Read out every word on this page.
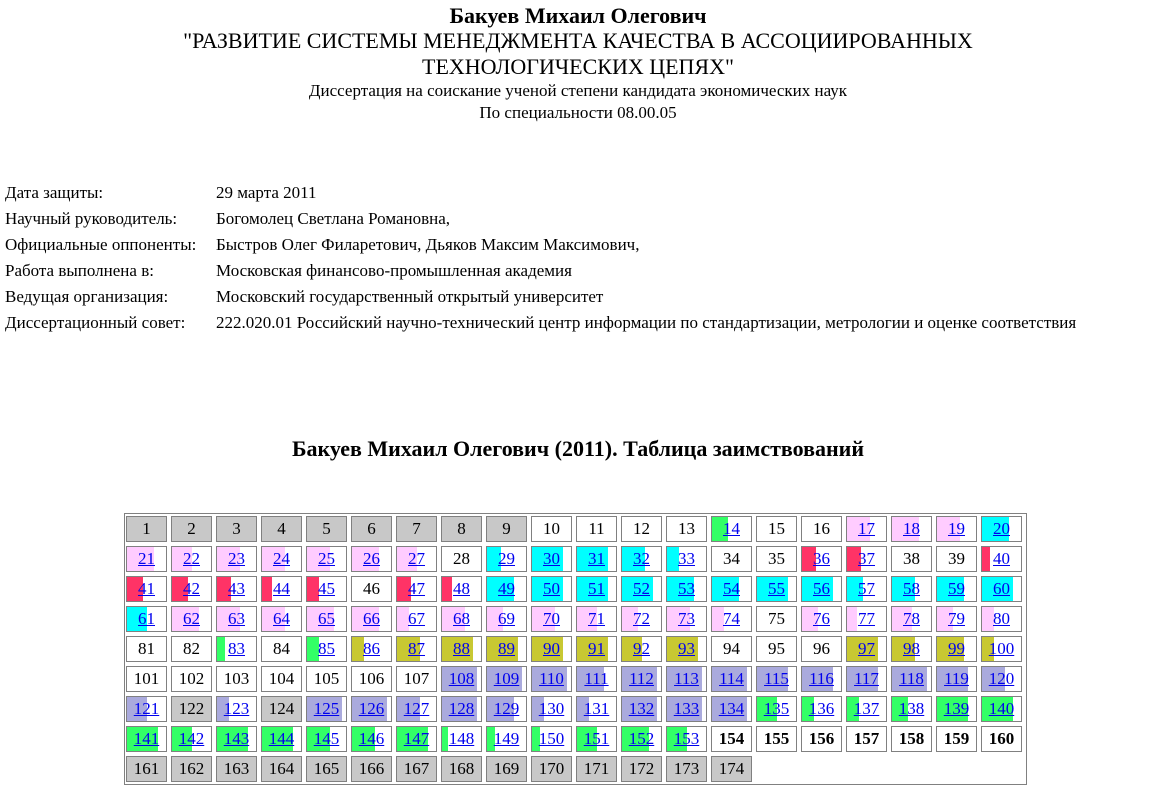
Бакуев Михаил Олегович
"РАЗВИТИЕ СИСТЕМЫ МЕНЕДЖМЕНТА КАЧЕСТВА В АССОЦИИРОВАННЫХ
ТЕХНОЛОГИЧЕСКИХ ЦЕПЯХ"
Диссертация на соискание ученой степени кандидата экономических наук
По специальности 08.00.05
Дата защиты:	29 марта 2011
Научный руководитель:	Богомолец Светлана Романовна,
Официальные оппоненты:	Быстров Олег Филаретович, Дьяков Максим Максимович,
Работа выполнена в:	Московская финансово-промышленная академия
Ведущая организация:	Московский государственный открытый университет
Диссертационный совет:	222.020.01 Российский научно-технический центр информации по стандартизации, метрологии и оценке соответствия
Бакуев Михаил Олегович (2011). Таблица заимствований
1	2	3	4	5	6	7	8	9	10	11	12	13	14	15	16	17	18	19	20
21	22	23	24	25	26	27	28	29	30	31	32	33	34	35	36	37	38	39	40
41	42	43	44	45	46	47	48	49	50	51	52	53	54	55	56	57	58	59	60
61	62	63	64	65	66	67	68	69	70	71	72	73	74	75	76	77	78	79	80
81	82	83	84	85	86	87	88	89	90	91	92	93	94	95	96	97	98	99	100
101	102	103	104	105	106	107	108	109	110	111	112	113	114	115	116	117	118	119	120
121	122	123	124	125	126	127	128	129	130	131	132	133	134	135	136	137	138	139	140
141	142	143	144	145	146	147	148	149	150	151	152	153	154	155	156	157	158	159	160
161	162	163	164	165	166	167	168	169	170	171	172	173	174
